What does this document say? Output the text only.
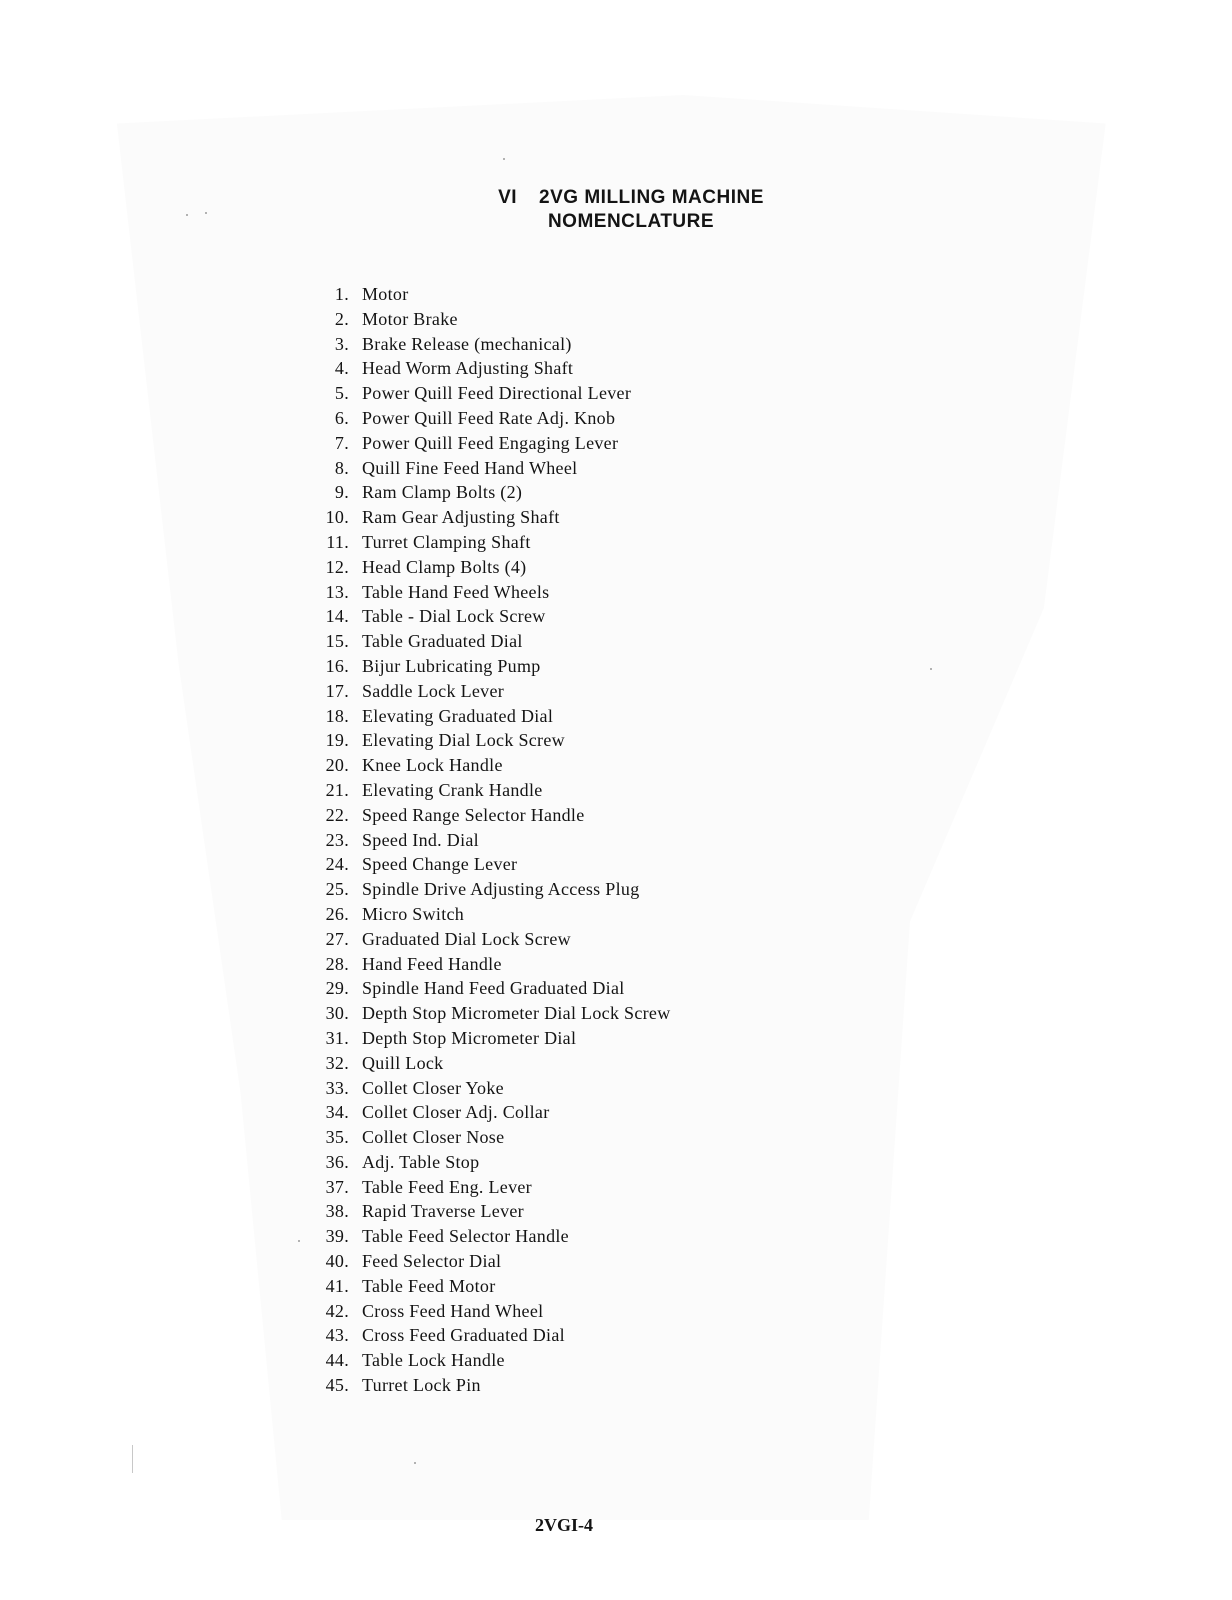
VI 2VG MILLING MACHINE
NOMENCLATURE
1. Motor
2. Motor Brake
3. Brake Release (mechanical)
4. Head Worm Adjusting Shaft
5. Power Quill Feed Directional Lever
6. Power Quill Feed Rate Adj. Knob
7. Power Quill Feed Engaging Lever
8. Quill Fine Feed Hand Wheel
9. Ram Clamp Bolts (2)
10. Ram Gear Adjusting Shaft
11. Turret Clamping Shaft
12. Head Clamp Bolts (4)
13. Table Hand Feed Wheels
14. Table - Dial Lock Screw
15. Table Graduated Dial
16. Bijur Lubricating Pump
17. Saddle Lock Lever
18. Elevating Graduated Dial
19. Elevating Dial Lock Screw
20. Knee Lock Handle
21. Elevating Crank Handle
22. Speed Range Selector Handle
23. Speed Ind. Dial
24. Speed Change Lever
25. Spindle Drive Adjusting Access Plug
26. Micro Switch
27. Graduated Dial Lock Screw
28. Hand Feed Handle
29. Spindle Hand Feed Graduated Dial
30. Depth Stop Micrometer Dial Lock Screw
31. Depth Stop Micrometer Dial
32. Quill Lock
33. Collet Closer Yoke
34. Collet Closer Adj. Collar
35. Collet Closer Nose
36. Adj. Table Stop
37. Table Feed Eng. Lever
38. Rapid Traverse Lever
39. Table Feed Selector Handle
40. Feed Selector Dial
41. Table Feed Motor
42. Cross Feed Hand Wheel
43. Cross Feed Graduated Dial
44. Table Lock Handle
45. Turret Lock Pin
2VGI-4
